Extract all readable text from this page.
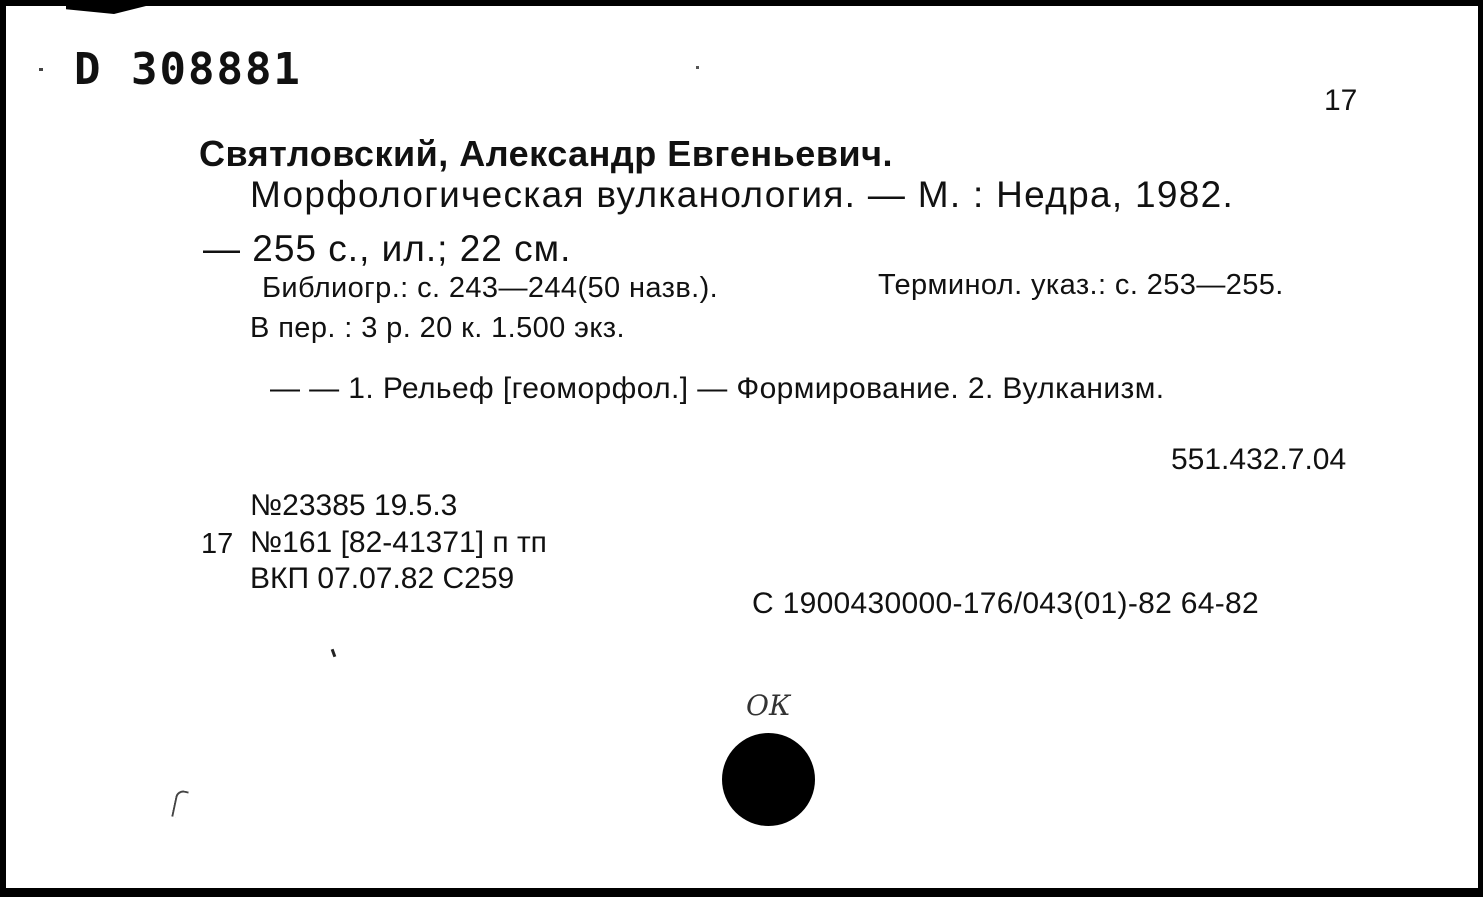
D 308881
17
Святловский, Александр Евгеньевич.
Морфологическая вулканология. — М. : Недра, 1982.
— 255 с., ил.; 22 см.
Библиогр.: с. 243—244(50 назв.).	Терминол. указ.: с. 253—255.
В пер. : 3 р. 20 к. 1.500 экз.
— — 1. Рельеф [геоморфол.] — Формирование. 2. Вулканизм.
551.432.7.04
№23385 19.5.3
17 №161 [82-41371] п тп
ВКП 07.07.82 С259
С 1900430000-176/043(01)-82 64-82
ОК
